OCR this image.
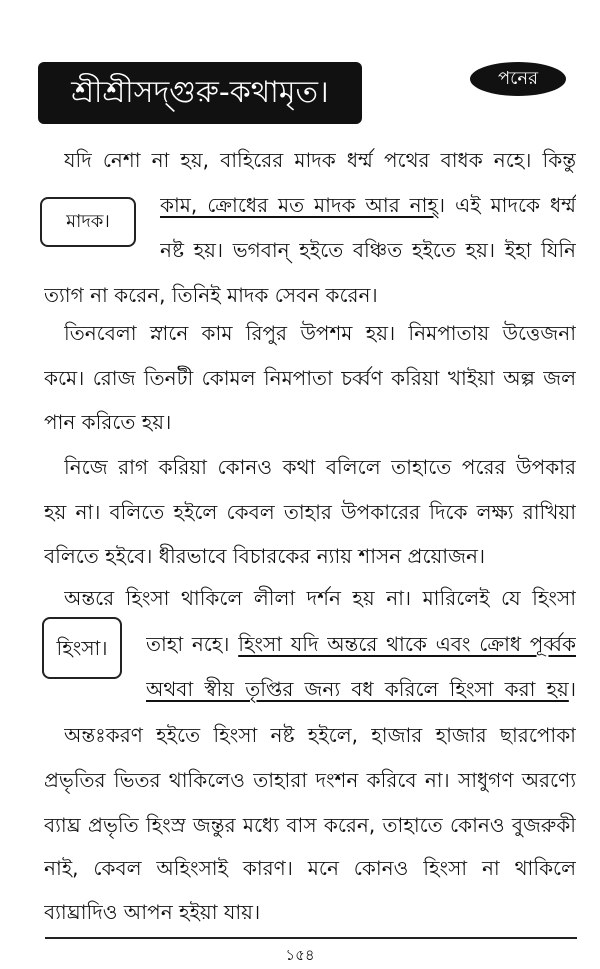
শ্রীশ্রীসদ্গুরু-কথামৃত।	পনের
মাদক।
হিংসা।
যদি নেশা না হয়, বাহিরের মাদক ধর্ম্ম পথের বাধক নহে। কিন্তু
কাম, ক্রোধের মত মাদক আর নাহ্। এই মাদকে ধর্ম্ম
নষ্ট হয়। ভগবান্ হইতে বঞ্চিত হইতে হয়। ইহা যিনি
ত্যাগ না করেন, তিনিই মাদক সেবন করেন।
তিনবেলা স্নানে কাম রিপুর উপশম হয়। নিমপাতায় উত্তেজনা
কমে। রোজ তিনটী কোমল নিমপাতা চর্ব্বণ করিয়া খাইয়া অল্প জল
পান করিতে হয়।
নিজে রাগ করিয়া কোনও কথা বলিলে তাহাতে পরের উপকার
হয় না। বলিতে হইলে কেবল তাহার উপকারের দিকে লক্ষ্য রাখিয়া
বলিতে হইবে। ধীরভাবে বিচারকের ন্যায় শাসন প্রয়োজন।
অন্তরে হিংসা থাকিলে লীলা দর্শন হয় না। মারিলেই যে হিংসা
তাহা নহে। হিংসা যদি অন্তরে থাকে এবং ক্রোধ পূর্ব্বক
অথবা স্বীয় তৃপ্তির জন্য বধ করিলে হিংসা করা হয়।
অন্তঃকরণ হইতে হিংসা নষ্ট হইলে, হাজার হাজার ছারপোকা
প্রভৃতির ভিতর থাকিলেও তাহারা দংশন করিবে না। সাধুগণ অরণ্যে
ব্যাঘ্র প্রভৃতি হিংস্র জন্তুর মধ্যে বাস করেন, তাহাতে কোনও বুজরুকী
নাই, কেবল অহিংসাই কারণ। মনে কোনও হিংসা না থাকিলে
ব্যাঘ্রাদিও আপন হইয়া যায়।
১৫৪
